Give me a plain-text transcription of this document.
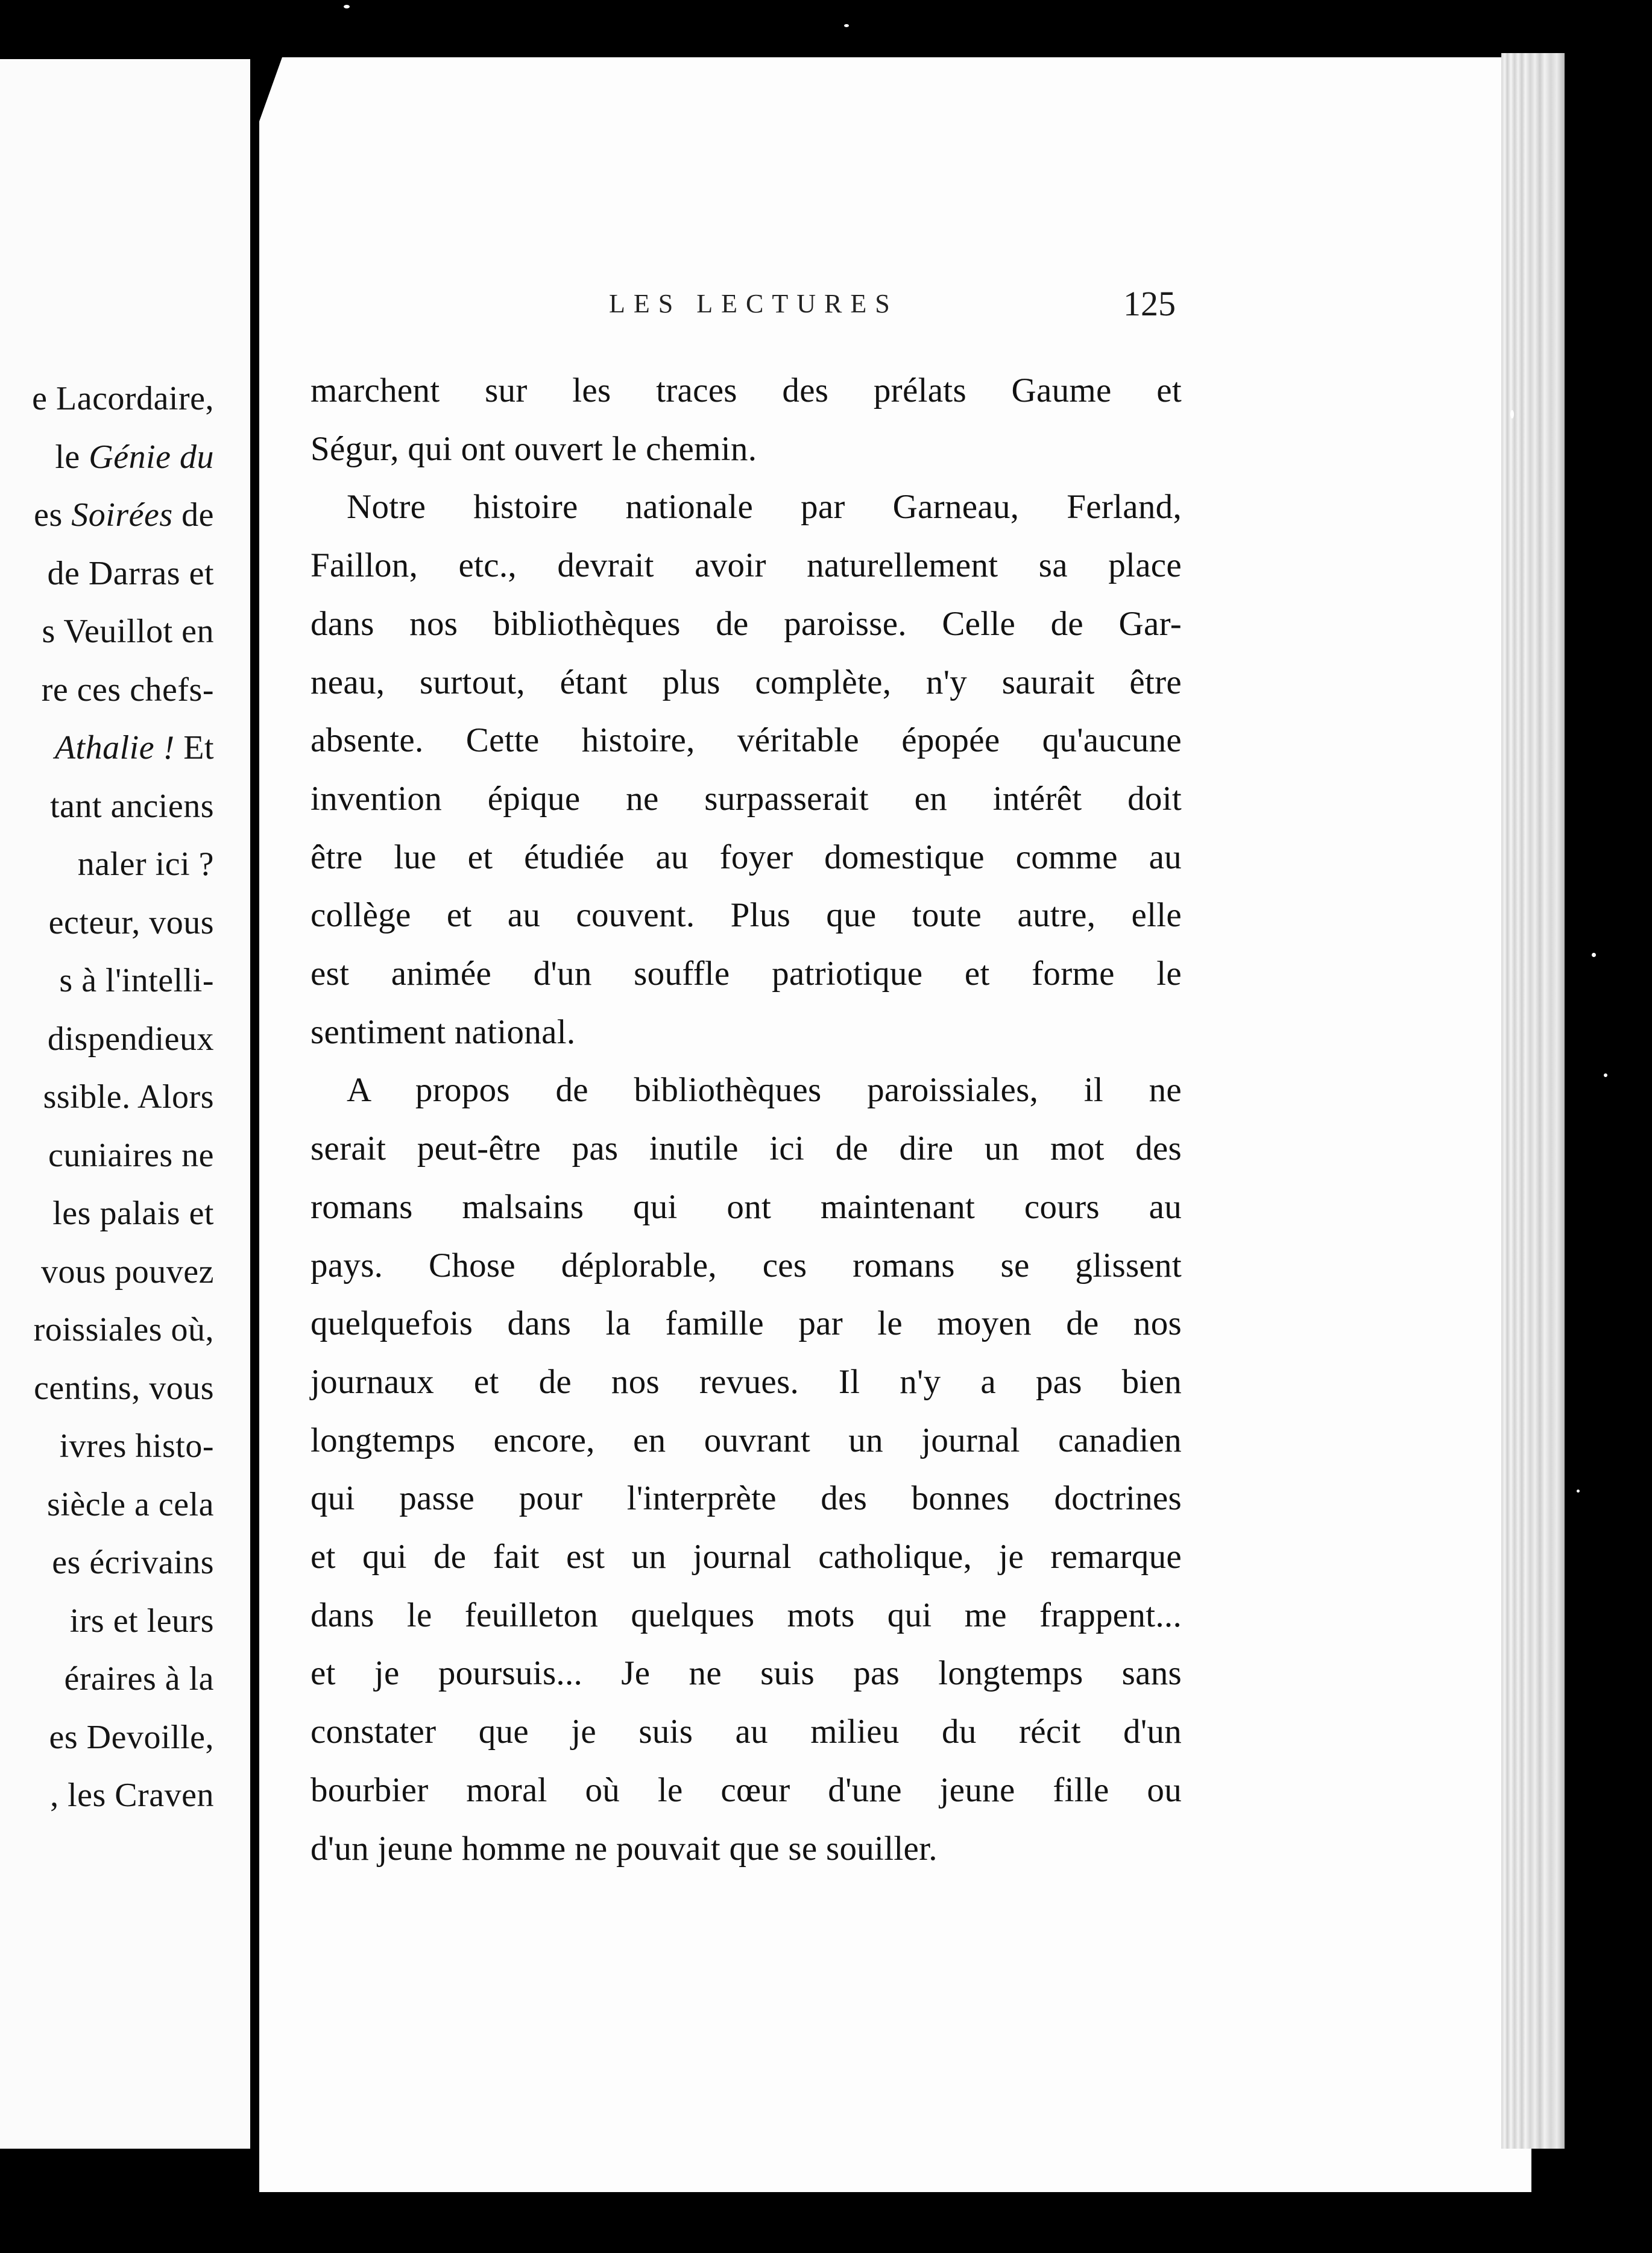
e Lacordaire,
le Génie du
es Soirées de
de Darras et
s Veuillot en
re ces chefs-
Athalie ! Et
tant anciens
naler ici ?
ecteur, vous
s à l'intelli-
dispendieux
ssible. Alors
cuniaires ne
les palais et
vous pouvez
roissiales où,
centins, vous
ivres histo-
siècle a cela
es écrivains
irs et leurs
éraires à la
es Devoille,
, les Craven
LES LECTURES	125
marchent sur les traces des prélats Gaume et
Ségur, qui ont ouvert le chemin.
Notre histoire nationale par Garneau, Ferland,
Faillon, etc., devrait avoir naturellement sa place
dans nos bibliothèques de paroisse. Celle de Gar-
neau, surtout, étant plus complète, n'y saurait être
absente. Cette histoire, véritable épopée qu'aucune
invention épique ne surpasserait en intérêt doit
être lue et étudiée au foyer domestique comme au
collège et au couvent. Plus que toute autre, elle
est animée d'un souffle patriotique et forme le
sentiment national.
A propos de bibliothèques paroissiales, il ne
serait peut-être pas inutile ici de dire un mot des
romans malsains qui ont maintenant cours au
pays. Chose déplorable, ces romans se glissent
quelquefois dans la famille par le moyen de nos
journaux et de nos revues. Il n'y a pas bien
longtemps encore, en ouvrant un journal canadien
qui passe pour l'interprète des bonnes doctrines
et qui de fait est un journal catholique, je remarque
dans le feuilleton quelques mots qui me frappent...
et je poursuis... Je ne suis pas longtemps sans
constater que je suis au milieu du récit d'un
bourbier moral où le cœur d'une jeune fille ou
d'un jeune homme ne pouvait que se souiller.
